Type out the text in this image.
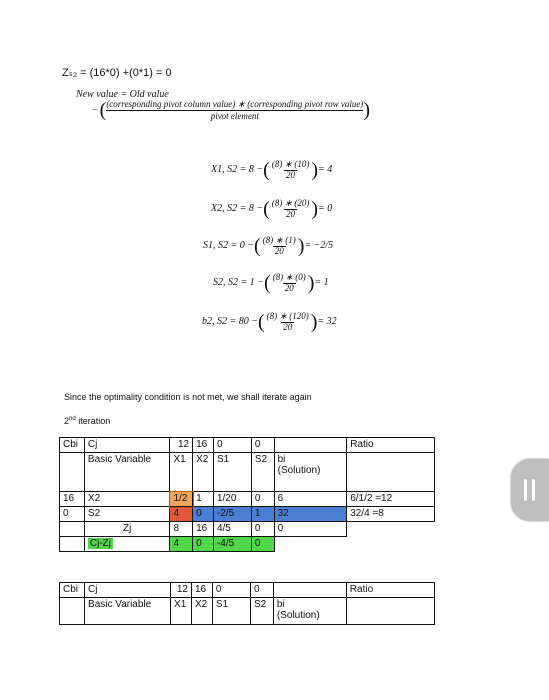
Zₛ₂ = (16*0) +(0*1) = 0
New value = Old value
− ( (corresponding pivot column value) ∗ (corresponding pivot row value)
pivot element	)
X1, S2 = 8 − ( $\frac{(8) ∗ (10)}{20}$ ) = 4
X2, S2 = 8 − ( $\frac{(8) ∗ (20)}{20}$ ) = 0
S1, S2 = 0 − ( $\frac{(8) ∗ (1)}{20}$ ) = −2/5
S2, S2 = 1 − ( $\frac{(8) ∗ (0)}{20}$ ) = 1
b2, S2 = 80 − ( $\frac{(8) ∗ (120)}{20}$ ) = 32
Since the optimality condition is not met, we shall iterate again
2nd iteration
Cbi	Cj	12	16	0	0		Ratio
	Basic Variable	X1	X2	S1	S2	bi
(Solution)	

16	X2	1/2	1	1/20	0	6	6/1/2 =12
0	S2	4	0	-2/5	1	32	32/4 =8
	Zj	8	16	4/5	0	0	
	Cj-Zj	4	0	-4/5	0		
Cbi	Cj	12	16	0	0		Ratio
	Basic Variable	X1	X2	S1	S2	bi
(Solution)	
